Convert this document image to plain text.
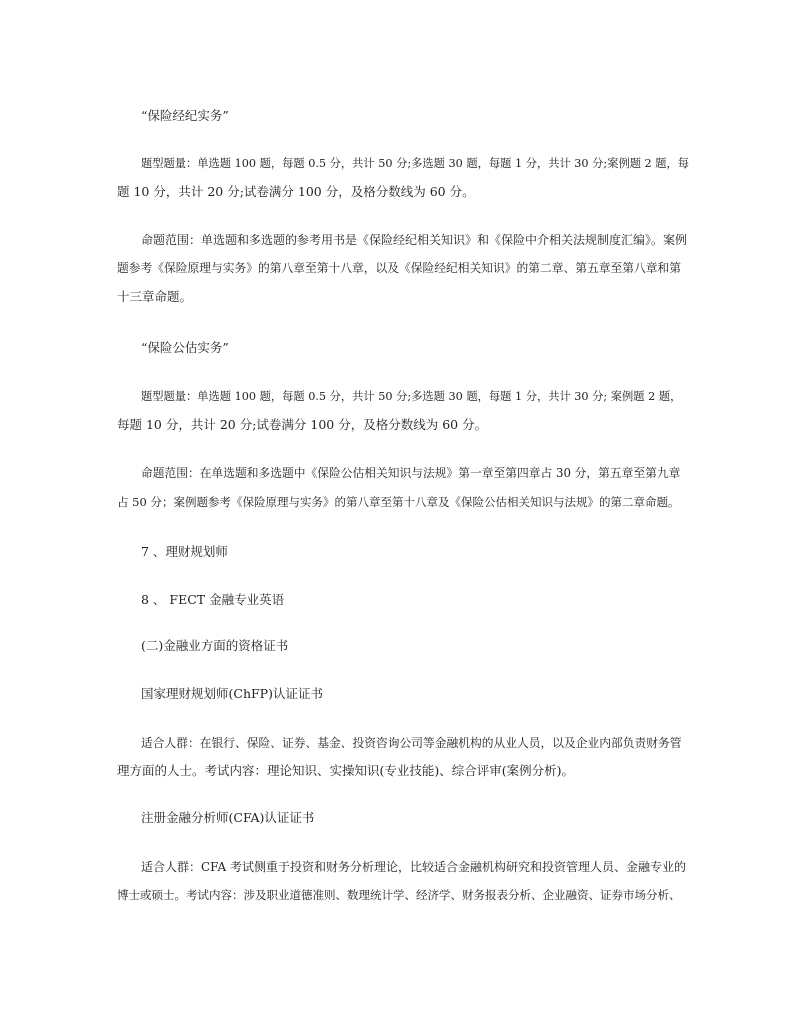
“保险经纪实务”

题型题量：单选题 100 题，每题 0.5 分，共计 50 分;多选题 30 题，每题 1 分，共计 30 分;案例题 2 题，每

题 10 分，共计 20 分;试卷满分 100 分，及格分数线为 60 分。

命题范围：单选题和多选题的参考用书是《保险经纪相关知识》和《保险中介相关法规制度汇编》。案例

题参考《保险原理与实务》的第八章至第十八章，以及《保险经纪相关知识》的第二章、第五章至第八章和第

十三章命题。

“保险公估实务”

题型题量：单选题 100 题，每题 0.5 分，共计 50 分;多选题 30 题，每题 1 分，共计 30 分; 案例题 2 题，

每题 10 分，共计 20 分;试卷满分 100 分，及格分数线为 60 分。

命题范围：在单选题和多选题中《保险公估相关知识与法规》第一章至第四章占 30 分，第五章至第九章

占 50 分；案例题参考《保险原理与实务》的第八章至第十八章及《保险公估相关知识与法规》的第二章命题。

7 、理财规划师

8 、 FECT 金融专业英语

(二)金融业方面的资格证书

国家理财规划师(ChFP)认证证书

适合人群：在银行、保险、证券、基金、投资咨询公司等金融机构的从业人员，以及企业内部负责财务管

理方面的人士。考试内容：理论知识、实操知识(专业技能)、综合评审(案例分析)。

注册金融分析师(CFA)认证证书

适合人群：CFA 考试侧重于投资和财务分析理论，比较适合金融机构研究和投资管理人员、金融专业的

博士或硕士。考试内容：涉及职业道德准则、数理统计学、经济学、财务报表分析、企业融资、证券市场分析、
